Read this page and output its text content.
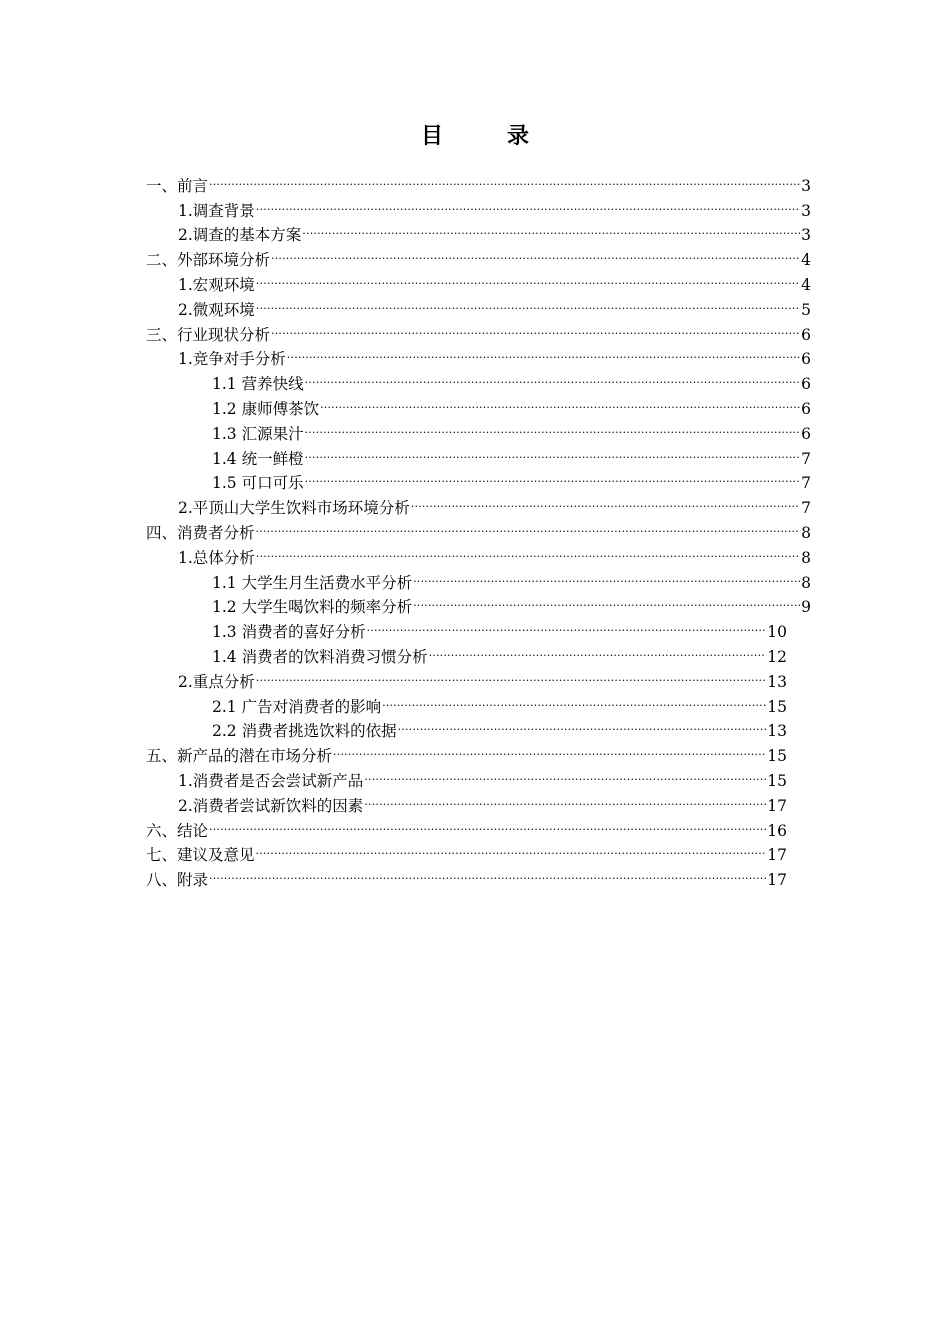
目	录
一、前言 .....	3
1.调查背景 .....	3
2.调查的基本方案 .....	3
二、外部环境分析 .....	4
1.宏观环境 .....	4
2.微观环境 .....	5
三、行业现状分析 .....	6
1.竞争对手分析 .....	6
1.1 营养快线 .....	6
1.2 康师傅茶饮 .....	6
1.3 汇源果汁 .....	6
1.4 统一鲜橙 .....	7
1.5 可口可乐 .....	7
2.平顶山大学生饮料市场环境分析 .....	7
四、消费者分析 .....	8
1.总体分析 .....	8
1.1 大学生月生活费水平分析 .....	8
1.2 大学生喝饮料的频率分析 .....	9
1.3 消费者的喜好分析 .....	10
1.4 消费者的饮料消费习惯分析 .....	12
2.重点分析 .....	13
2.1 广告对消费者的影响 .....	15
2.2 消费者挑选饮料的依据 .....	13
五、新产品的潜在市场分析 .....	15
1.消费者是否会尝试新产品 .....	15
2.消费者尝试新饮料的因素 .....	17
六、结论 .....	16
七、建议及意见 .....	17
八、附录 .....	17
